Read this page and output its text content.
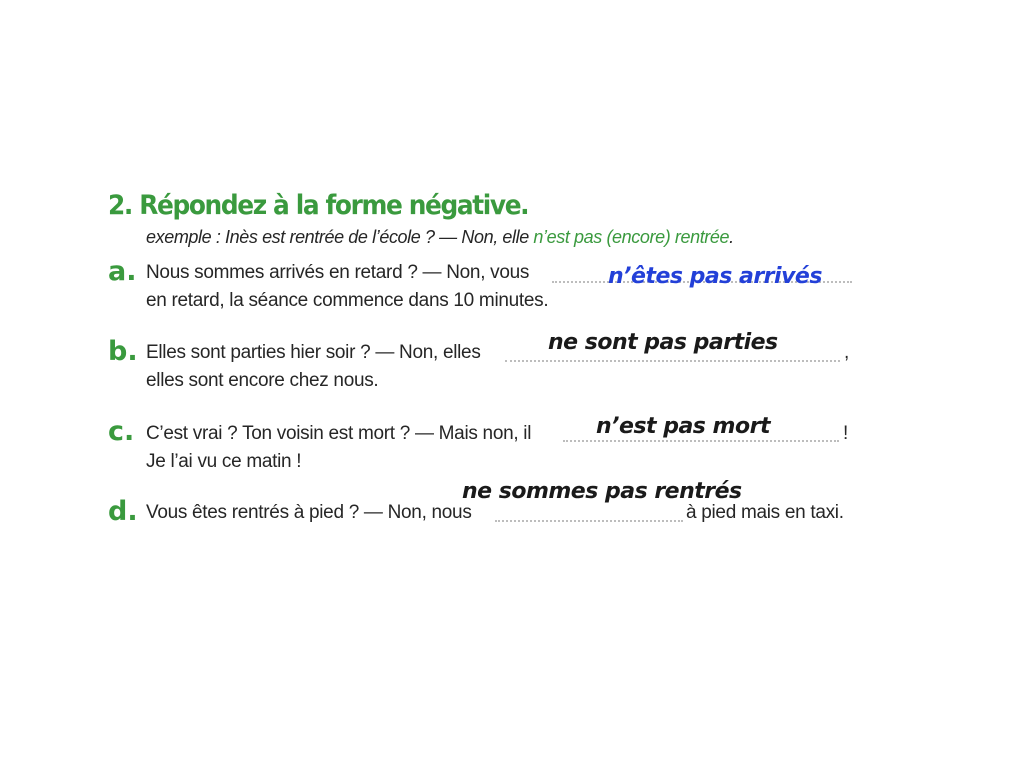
2. Répondez à la forme négative.
exemple : Inès est rentrée de l’école ? — Non, elle n’est pas (encore) rentrée.
a. Nous sommes arrivés en retard ? — Non, vous
en retard, la séance commence dans 10 minutes.
n’êtes pas arrivés
b. Elles sont parties hier soir ? — Non, elles	,
elles sont encore chez nous.
ne sont pas parties
c. C’est vrai ? Ton voisin est mort ? — Mais non, il	!
Je l’ai vu ce matin !
n’est pas mort
d. Vous êtes rentrés à pied ? — Non, nous	à pied mais en taxi.
ne sommes pas rentrés
